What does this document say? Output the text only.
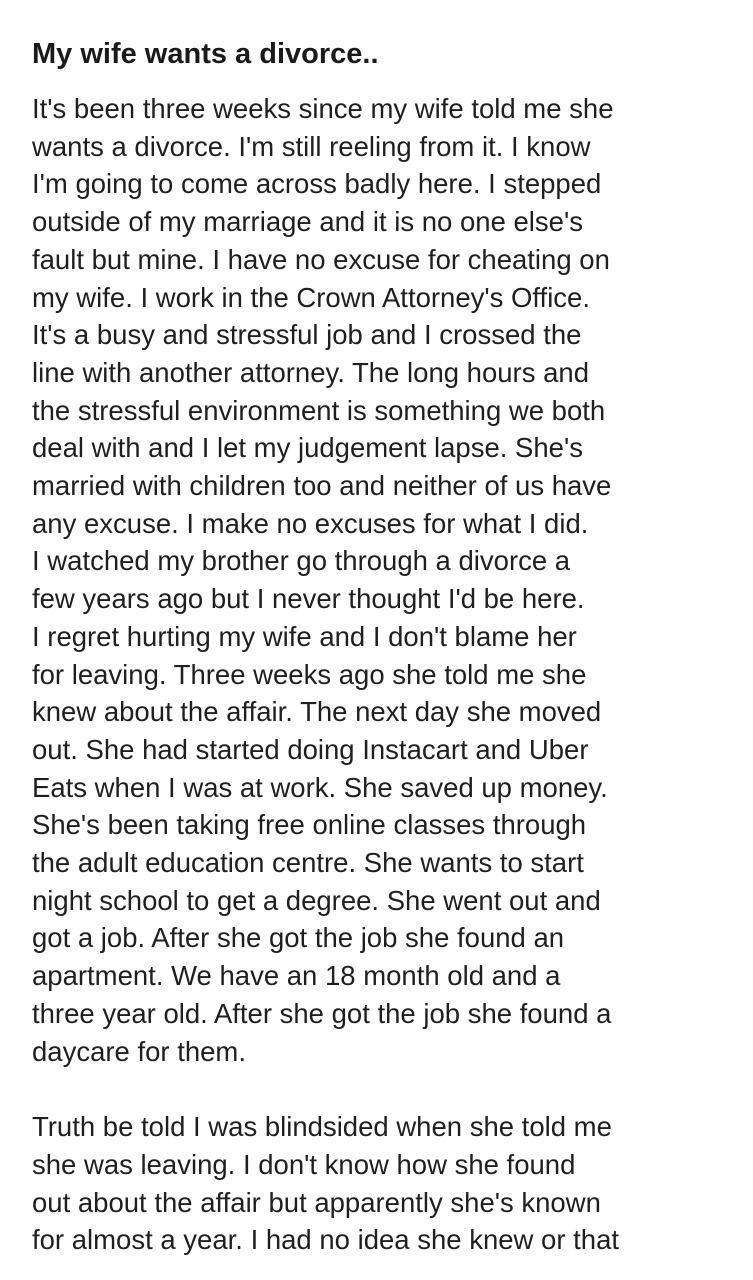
My wife wants a divorce..

It's been three weeks since my wife told me she
wants a divorce. I'm still reeling from it. I know
I'm going to come across badly here. I stepped
outside of my marriage and it is no one else's
fault but mine. I have no excuse for cheating on
my wife. I work in the Crown Attorney's Office.
It's a busy and stressful job and I crossed the
line with another attorney. The long hours and
the stressful environment is something we both
deal with and I let my judgement lapse. She's
married with children too and neither of us have
any excuse. I make no excuses for what I did.
I watched my brother go through a divorce a
few years ago but I never thought I'd be here.
I regret hurting my wife and I don't blame her
for leaving. Three weeks ago she told me she
knew about the affair. The next day she moved
out. She had started doing Instacart and Uber
Eats when I was at work. She saved up money.
She's been taking free online classes through
the adult education centre. She wants to start
night school to get a degree. She went out and
got a job. After she got the job she found an
apartment. We have an 18 month old and a
three year old. After she got the job she found a
daycare for them.

Truth be told I was blindsided when she told me
she was leaving. I don't know how she found
out about the affair but apparently she's known
for almost a year. I had no idea she knew or that
